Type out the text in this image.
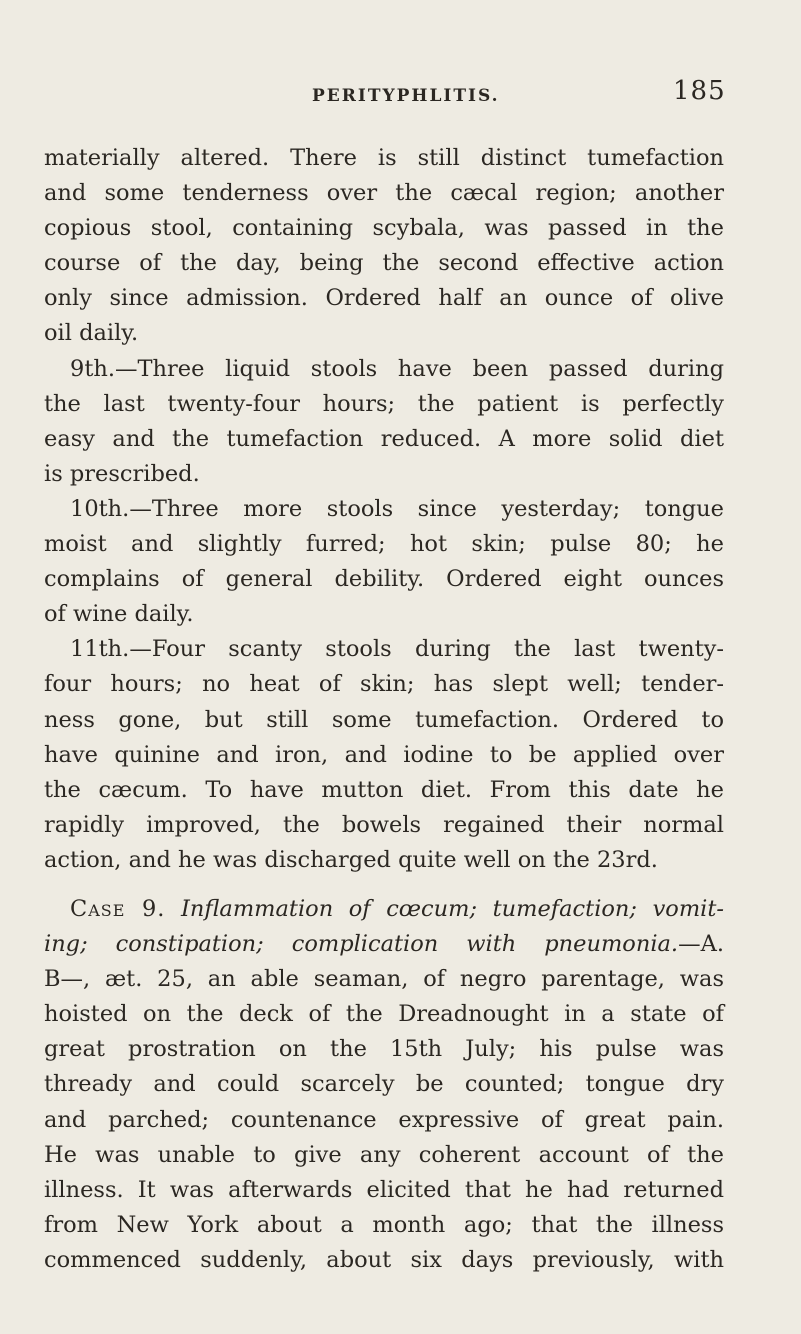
PERITYPHLITIS.	185
materially altered. There is still distinct tumefaction
and some tenderness over the cæcal region; another
copious stool, containing scybala, was passed in the
course of the day, being the second effective action
only since admission. Ordered half an ounce of olive
oil daily.
9th.—Three liquid stools have been passed during
the last twenty-four hours; the patient is perfectly
easy and the tumefaction reduced. A more solid diet
is prescribed.
10th.—Three more stools since yesterday; tongue
moist and slightly furred; hot skin; pulse 80; he
complains of general debility. Ordered eight ounces
of wine daily.
11th.—Four scanty stools during the last twenty-
four hours; no heat of skin; has slept well; tender-
ness gone, but still some tumefaction. Ordered to
have quinine and iron, and iodine to be applied over
the cæcum. To have mutton diet. From this date he
rapidly improved, the bowels regained their normal
action, and he was discharged quite well on the 23rd.
Case 9. Inflammation of cœcum; tumefaction; vomit-
ing; constipation; complication with pneumonia.—A.
B—, æt. 25, an able seaman, of negro parentage, was
hoisted on the deck of the Dreadnought in a state of
great prostration on the 15th July; his pulse was
thready and could scarcely be counted; tongue dry
and parched; countenance expressive of great pain.
He was unable to give any coherent account of the
illness. It was afterwards elicited that he had returned
from New York about a month ago; that the illness
commenced suddenly, about six days previously, with
